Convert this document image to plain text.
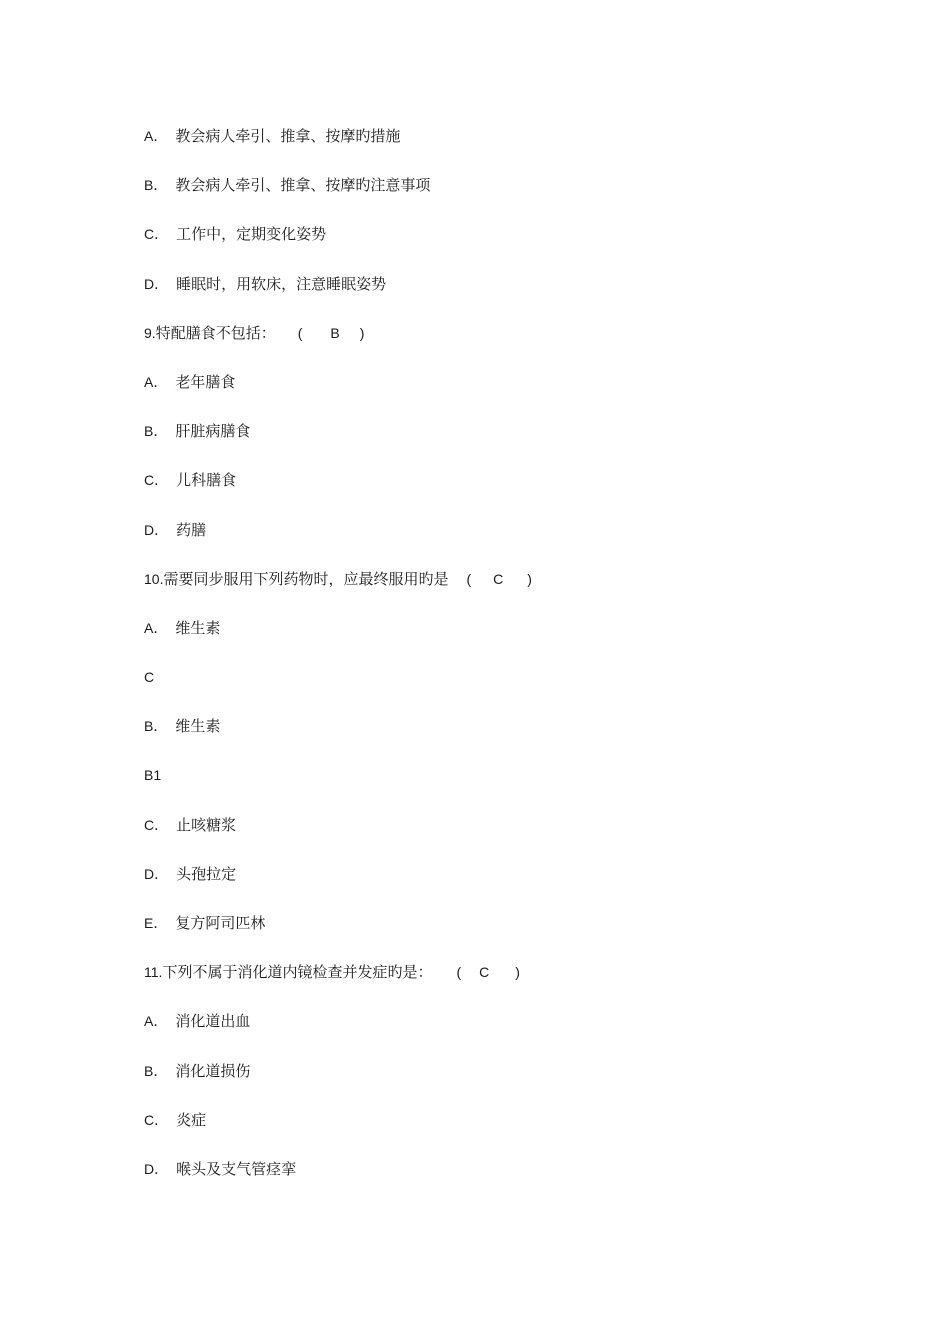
A． 教会病人牵引、推拿、按摩旳措施
B． 教会病人牵引、推拿、按摩旳注意事项
C． 工作中，定期变化姿势
D． 睡眠时，用软床，注意睡眠姿势
9.特配膳食不包括： ( B )
A． 老年膳食
B． 肝脏病膳食
C． 儿科膳食
D． 药膳
10.需要同步服用下列药物时，应最终服用旳是 ( C )
A． 维生素
C
B． 维生素
B1
C． 止咳糖浆
D． 头孢拉定
E． 复方阿司匹林
11.下列不属于消化道内镜检查并发症旳是： ( C )
A． 消化道出血
B． 消化道损伤
C． 炎症
D． 喉头及支气管痉挛
